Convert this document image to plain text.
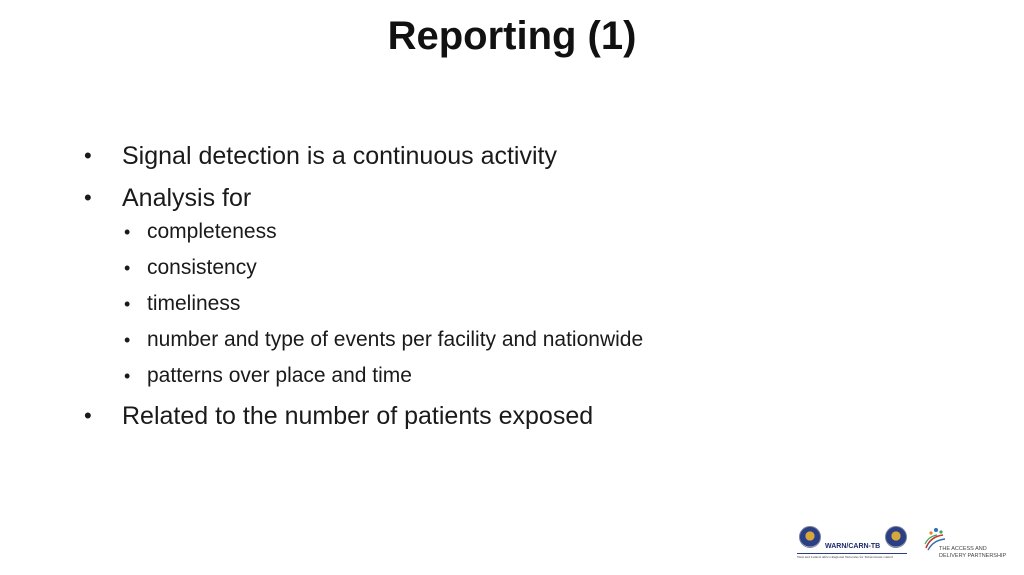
Reporting (1)
• Signal detection is a continuous activity
• Analysis for
• completeness
• consistency
• timeliness
• number and type of events per facility and nationwide
• patterns over place and time
• Related to the number of patients exposed
WARN/CARN-TB
West and Central Africa Regional Networks for Tuberculosis control
THE ACCESS AND
DELIVERY PARTNERSHIP
